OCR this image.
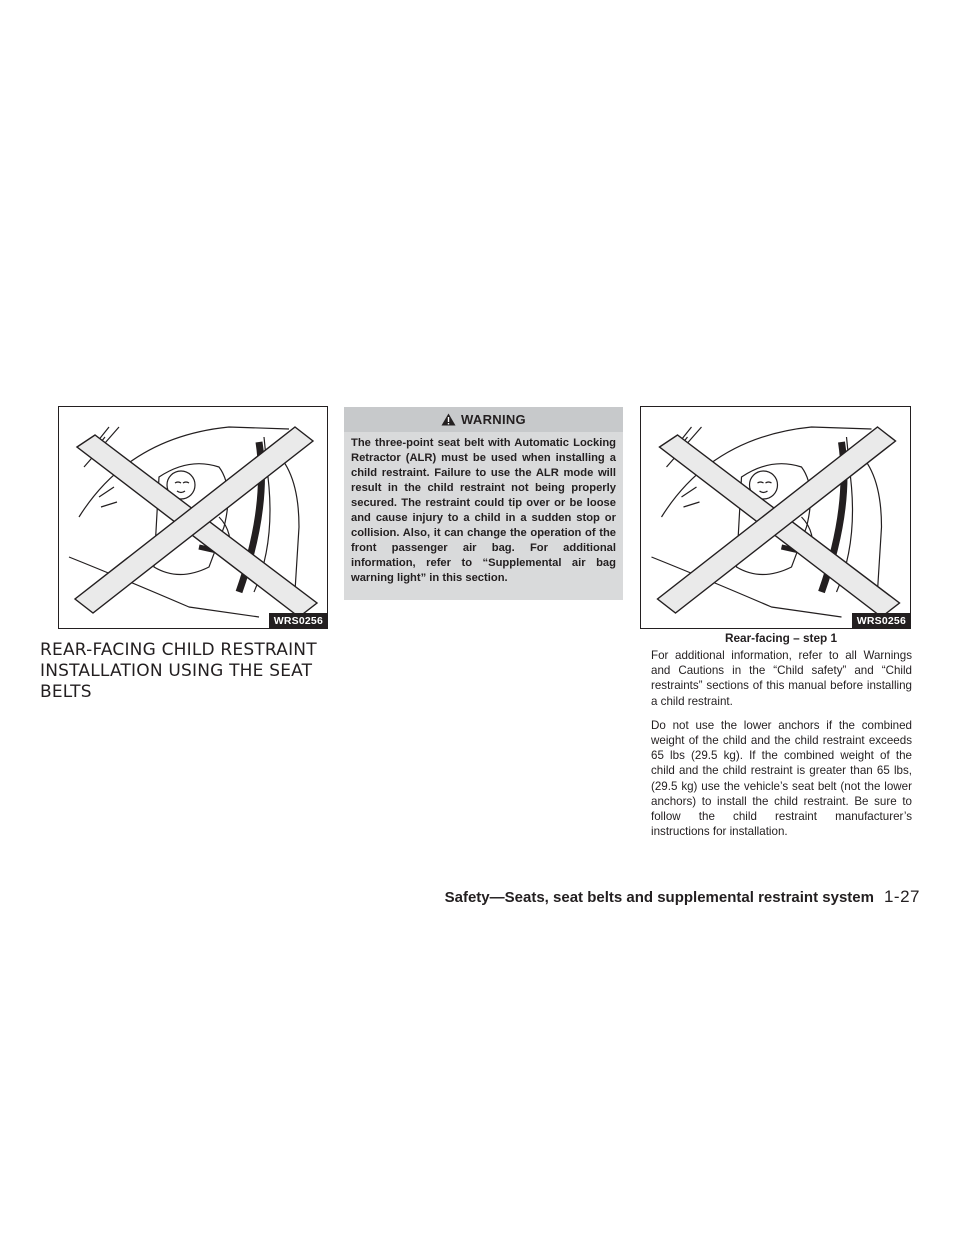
WRS0256
REAR-FACING CHILD RESTRAINT INSTALLATION USING THE SEAT BELTS
WARNING
The three-point seat belt with Automatic Locking Retractor (ALR) must be used when installing a child restraint. Failure to use the ALR mode will result in the child restraint not being properly secured. The restraint could tip over or be loose and cause injury to a child in a sudden stop or collision. Also, it can change the operation of the front passenger air bag. For additional information, refer to “Supplemental air bag warning light” in this section.
WRS0256
Rear-facing – step 1

For additional information, refer to all Warnings and Cautions in the “Child safety” and “Child restraints” sections of this manual before installing a child restraint.

Do not use the lower anchors if the combined weight of the child and the child restraint exceeds 65 lbs (29.5 kg). If the combined weight of the child and the child restraint is greater than 65 lbs, (29.5 kg) use the vehicle’s seat belt (not the lower anchors) to install the child restraint. Be sure to follow the child restraint manufacturer’s instructions for installation.

Safety—Seats, seat belts and supplemental restraint system 1-27
